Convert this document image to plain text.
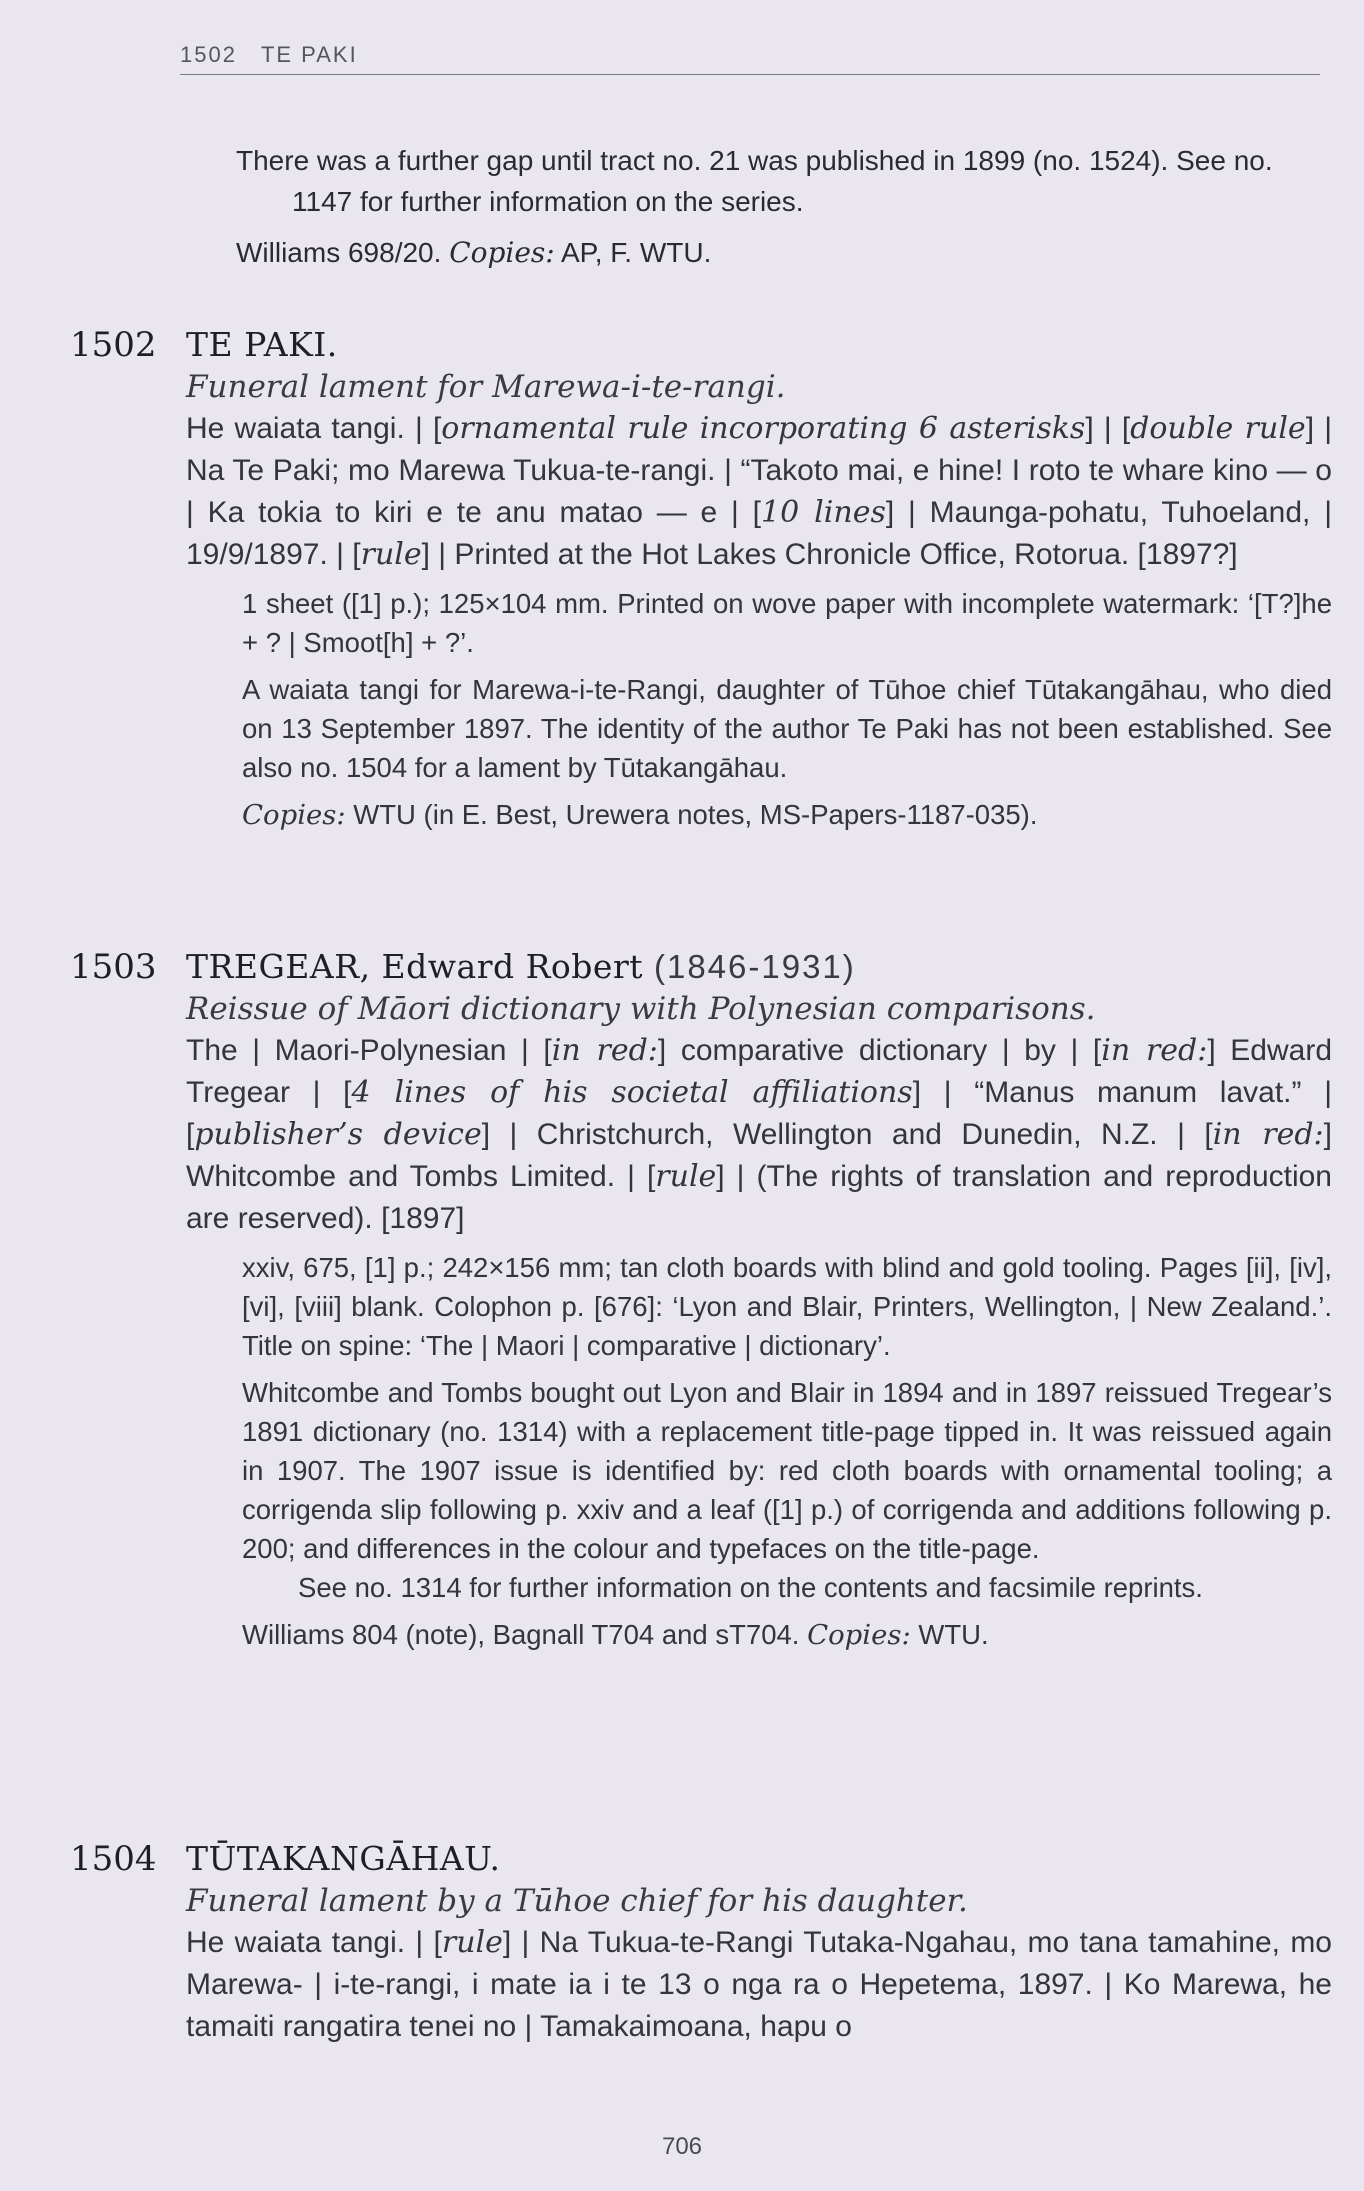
1502 TE PAKI

There was a further gap until tract no. 21 was published in 1899 (no. 1524). See no. 1147 for further information on the series.

Williams 698/20. Copies: AP, F. WTU.

1502 TE PAKI.
Funeral lament for Marewa-i-te-rangi.
He waiata tangi. | [ornamental rule incorporating 6 asterisks] | [double rule] | Na Te Paki; mo Marewa Tukua-te-rangi. | “Takoto mai, e hine! I roto te whare kino — o | Ka tokia to kiri e te anu matao — e | [10 lines] | Maunga-pohatu, Tuhoeland, | 19/9/1897. | [rule] | Printed at the Hot Lakes Chronicle Office, Rotorua. [1897?]

1 sheet ([1] p.); 125×104 mm. Printed on wove paper with incomplete watermark: ‘[T?]he + ? | Smoot[h] + ?’.

A waiata tangi for Marewa-i-te-Rangi, daughter of Tūhoe chief Tūtakangāhau, who died on 13 September 1897. The identity of the author Te Paki has not been established. See also no. 1504 for a lament by Tūtakangāhau.

Copies: WTU (in E. Best, Urewera notes, MS-Papers-1187-035).

1503 TREGEAR, Edward Robert (1846-1931)
Reissue of Māori dictionary with Polynesian comparisons.
The | Maori-Polynesian | [in red:] comparative dictionary | by | [in red:] Edward Tregear | [4 lines of his societal affiliations] | “Manus manum lavat.” | [publisher’s device] | Christchurch, Wellington and Dunedin, N.Z. | [in red:] Whitcombe and Tombs Limited. | [rule] | (The rights of translation and reproduction are reserved). [1897]

xxiv, 675, [1] p.; 242×156 mm; tan cloth boards with blind and gold tooling. Pages [ii], [iv], [vi], [viii] blank. Colophon p. [676]: ‘Lyon and Blair, Printers, Wellington, | New Zealand.’. Title on spine: ‘The | Maori | comparative | dictionary’.

Whitcombe and Tombs bought out Lyon and Blair in 1894 and in 1897 reissued Tregear’s 1891 dictionary (no. 1314) with a replacement title-page tipped in. It was reissued again in 1907. The 1907 issue is identified by: red cloth boards with ornamental tooling; a corrigenda slip following p. xxiv and a leaf ([1] p.) of corrigenda and additions following p. 200; and differences in the colour and typefaces on the title-page.

See no. 1314 for further information on the contents and facsimile reprints.

Williams 804 (note), Bagnall T704 and sT704. Copies: WTU.

1504 TŪTAKANGĀHAU.
Funeral lament by a Tūhoe chief for his daughter.
He waiata tangi. | [rule] | Na Tukua-te-Rangi Tutaka-Ngahau, mo tana tamahine, mo Marewa- | i-te-rangi, i mate ia i te 13 o nga ra o Hepetema, 1897. | Ko Marewa, he tamaiti rangatira tenei no | Tamakaimoana, hapu o
706
